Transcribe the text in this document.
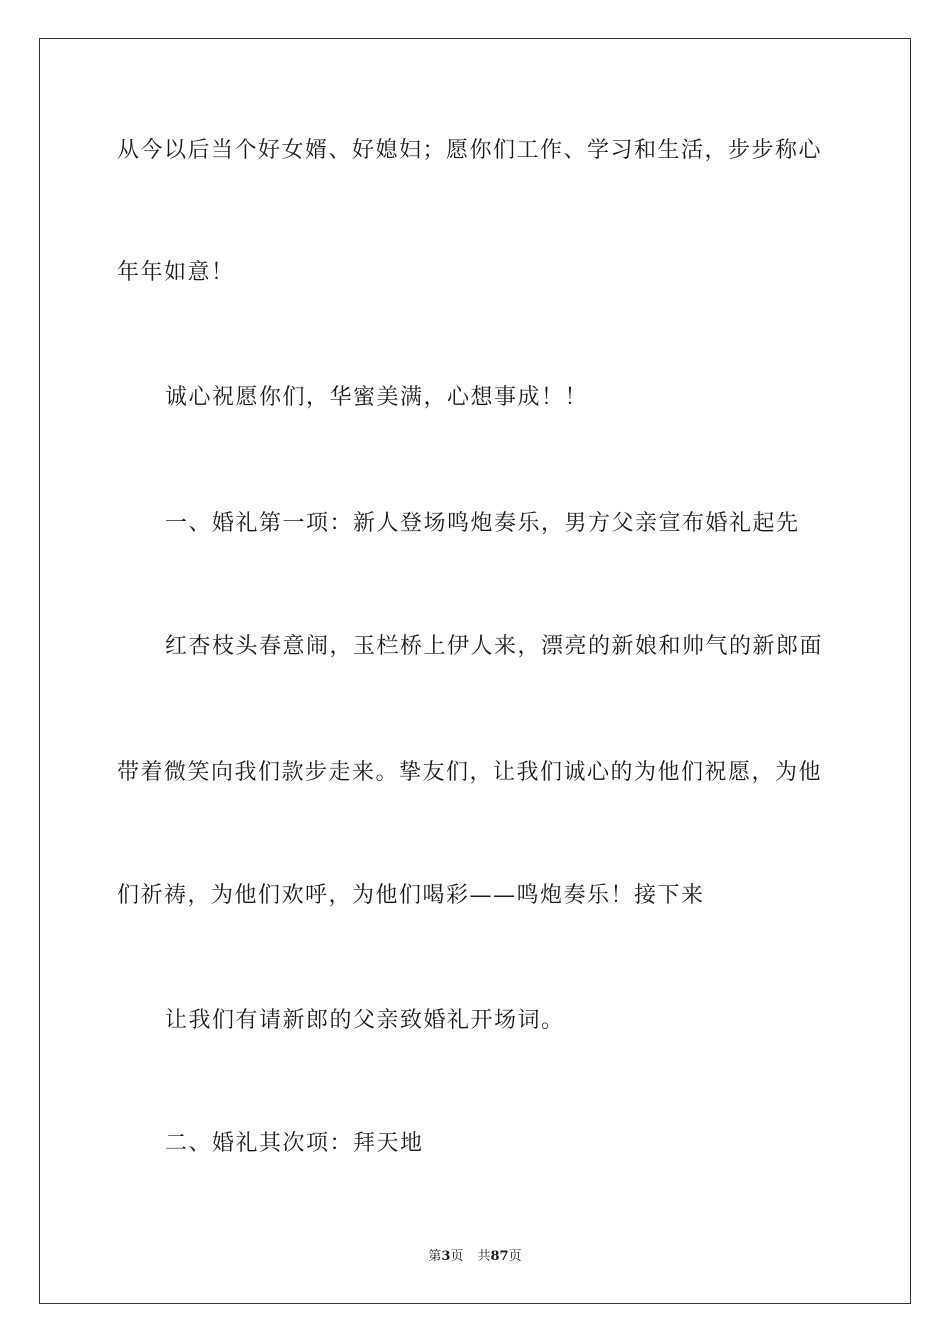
从今以后当个好女婿、好媳妇；愿你们工作、学习和生活，步步称心
年年如意！
诚心祝愿你们，华蜜美满，心想事成！！
一、婚礼第一项：新人登场鸣炮奏乐，男方父亲宣布婚礼起先
红杏枝头春意闹，玉栏桥上伊人来，漂亮的新娘和帅气的新郎面
带着微笑向我们款步走来。挚友们，让我们诚心的为他们祝愿，为他
们祈祷，为他们欢呼，为他们喝彩——鸣炮奏乐！接下来
让我们有请新郎的父亲致婚礼开场词。
二、婚礼其次项：拜天地
第3页 共87页
